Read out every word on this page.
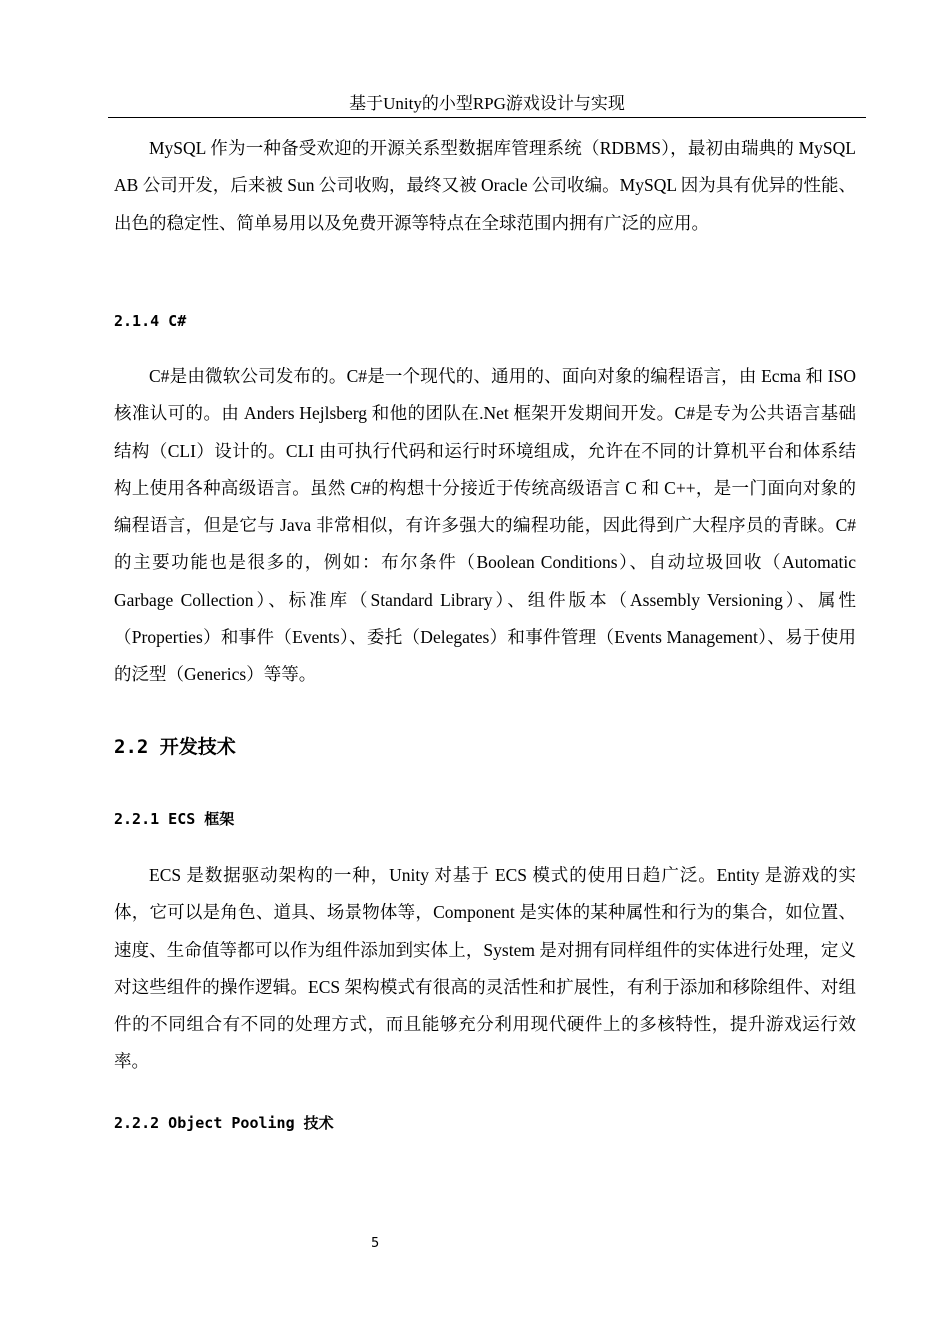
基于Unity的小型RPG游戏设计与实现

MySQL 作为一种备受欢迎的开源关系型数据库管理系统（RDBMS），最初由瑞典的 MySQL AB 公司开发，后来被 Sun 公司收购，最终又被 Oracle 公司收编。MySQL 因为具有优异的性能、出色的稳定性、简单易用以及免费开源等特点在全球范围内拥有广泛的应用。

2.1.4 C#

C#是由微软公司发布的。C#是一个现代的、通用的、面向对象的编程语言，由 Ecma 和 ISO 核准认可的。由 Anders Hejlsberg 和他的团队在.Net 框架开发期间开发。C#是专为公共语言基础结构（CLI）设计的。CLI 由可执行代码和运行时环境组成，允许在不同的计算机平台和体系结构上使用各种高级语言。虽然 C#的构想十分接近于传统高级语言 C 和 C++，是一门面向对象的编程语言，但是它与 Java 非常相似，有许多强大的编程功能，因此得到广大程序员的青睐。C#的主要功能也是很多的，例如：布尔条件（Boolean Conditions）、自动垃圾回收（Automatic Garbage Collection）、标准库（Standard Library）、组件版本（Assembly Versioning）、属性（Properties）和事件（Events）、委托（Delegates）和事件管理（Events Management）、易于使用的泛型（Generics）等等。

2.2 开发技术
2.2.1 ECS 框架

ECS 是数据驱动架构的一种，Unity 对基于 ECS 模式的使用日趋广泛。Entity 是游戏的实体，它可以是角色、道具、场景物体等，Component 是实体的某种属性和行为的集合，如位置、速度、生命值等都可以作为组件添加到实体上，System 是对拥有同样组件的实体进行处理，定义对这些组件的操作逻辑。ECS 架构模式有很高的灵活性和扩展性，有利于添加和移除组件、对组件的不同组合有不同的处理方式，而且能够充分利用现代硬件上的多核特性，提升游戏运行效率。

2.2.2 Object Pooling 技术
5
